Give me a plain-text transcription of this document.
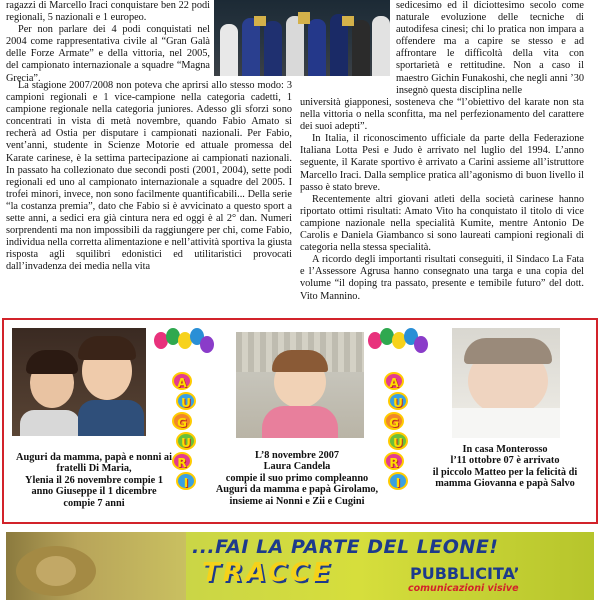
ragazzi di Marcello Iraci conquistare ben 22 podi regionali, 5 nazionali e 1 europeo.

Per non parlare dei 4 podi conquistati nel 2004 come rappresentativa civile al “Gran Galà delle Forze Armate” e della vittoria, nel 2005, del campionato internazionale a squadre “Magna Grecia”.

sedicesimo ed il diciottesimo secolo come naturale evoluzione delle tecniche di autodifesa cinesi; chi lo pratica non impara a offendere ma a capire se stesso e ad affrontare le difficoltà della vita con sportarietà e rettitudine. Non a caso il maestro Gichin Funakoshi, che negli anni ’30 insegnò questa disciplina nelle

La stagione 2007/2008 non poteva che aprirsi allo stesso modo: 3 campioni regionali e 1 vice-campione nella categoria cadetti, 1 campione regionale nella categoria juniores. Adesso gli sforzi sono concentrati in vista di metà novembre, quando Fabio Amato si recherà ad Ostia per disputare i campionati nazionali. Per Fabio, vent’anni, studente in Scienze Motorie ed attuale promessa del Karate carinese, è la settima partecipazione ai campionati nazionali. In passato ha collezionato due secondi posti (2001, 2004), sette podi regionali ed uno al campionato internazionale a squadre del 2005. I trofei minori, invece, non sono facilmente quantificabili... Della serie “la costanza premia”, dato che Fabio si è avvicinato a questo sport a sette anni, a sedici era già cintura nera ed oggi è al 2° dan. Numeri sorprendenti ma non impossibili da raggiungere per chi, come Fabio, individua nella corretta alimentazione e nell’attività sportiva la giusta risposta agli squilibri edonistici ed utilitaristici provocati dall’invadenza dei media nella vita

università giapponesi, sosteneva che “l’obiettivo del karate non sta nella vittoria o nella sconfitta, ma nel perfezionamento del carattere dei suoi adepti”.

In Italia, il riconoscimento ufficiale da parte della Federazione Italiana Lotta Pesi e Judo è arrivato nel luglio del 1994. L’anno seguente, il Karate sportivo è arrivato a Carini assieme all’istruttore Marcello Iraci. Dalla semplice pratica all’agonismo di buon livello il passo è stato breve.

Recentemente altri giovani atleti della società carinese hanno riportato ottimi risultati: Amato Vito ha conquistato il titolo di vice campione nazionale nella specialità Kumite, mentre Antonio De Carolis e Daniela Giambanco si sono laureati campioni regionali di categoria nella stessa specialità.

A ricordo degli importanti risultati conseguiti, il Sindaco La Fata e l’Assessore Agrusa hanno consegnato una targa e una copia del volume “il doping tra passato, presente e temibile futuro” del dott. Vito Mannino.

A
U
G
U
R
I
A
U
G
U
R
I
Auguri da mamma, papà e nonni ai fratelli Di Maria,
Ylenia il 26 novembre compie 1 anno Giuseppe il 1 dicembre compie 7 anni
L’8 novembre 2007
Laura Candela
compie il suo primo compleanno
Auguri da mamma e papà Girolamo, insieme ai Nonni e Zii e Cugini
In casa Monterosso
l’11 ottobre 07 è arrivato
il piccolo Matteo per la felicità di mamma Giovanna e papà Salvo
...FAI LA PARTE DEL LEONE!
TRACCE	PUBBLICITA’
comunicazioni visive
